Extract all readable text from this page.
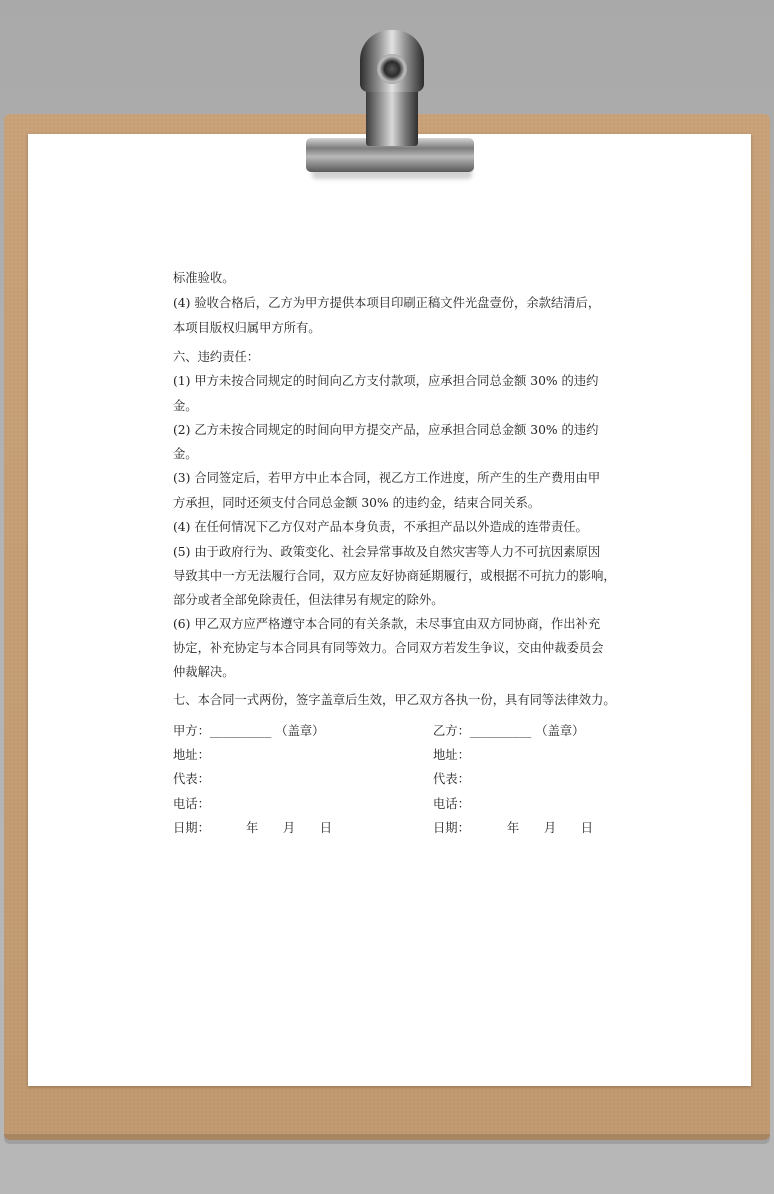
标准验收。

(4) 验收合格后，乙方为甲方提供本项目印刷正稿文件光盘壹份，余款结清后，

本项目版权归属甲方所有。

六、违约责任：

(1) 甲方未按合同规定的时间向乙方支付款项，应承担合同总金额 30% 的违约

金。

(2) 乙方未按合同规定的时间向甲方提交产品，应承担合同总金额 30% 的违约

金。

(3) 合同签定后，若甲方中止本合同，视乙方工作进度，所产生的生产费用由甲

方承担，同时还须支付合同总金额 30% 的违约金，结束合同关系。

(4) 在任何情况下乙方仅对产品本身负责，不承担产品以外造成的连带责任。

(5) 由于政府行为、政策变化、社会异常事故及自然灾害等人力不可抗因素原因

导致其中一方无法履行合同，双方应友好协商延期履行，或根据不可抗力的影响，

部分或者全部免除责任，但法律另有规定的除外。

(6) 甲乙双方应严格遵守本合同的有关条款，未尽事宜由双方同协商，作出补充

协定，补充协定与本合同具有同等效力。合同双方若发生争议，交由仲裁委员会

仲裁解决。

七、本合同一式两份，签字盖章后生效，甲乙双方各执一份，具有同等法律效力。

甲方：__________ （盖章）

地址：

代表：

电话：

日期：	年　　月　　日

乙方：__________ （盖章）

地址：

代表：

电话：

日期：	年　　月　　日
